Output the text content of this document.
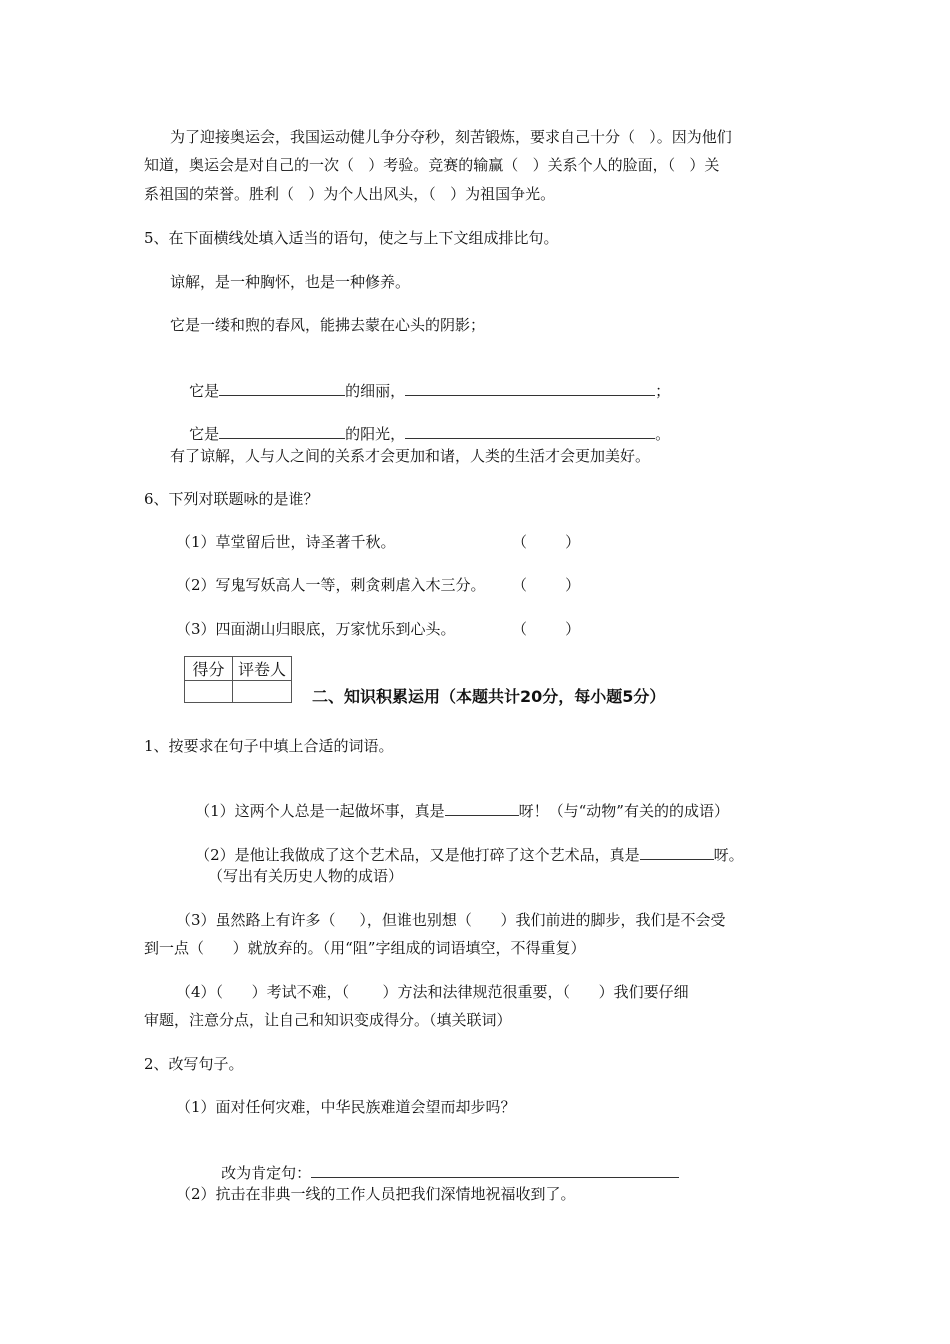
为了迎接奥运会，我国运动健儿争分夺秒，刻苦锻炼，要求自己十分（   ）。因为他们
知道，奥运会是对自己的一次（   ）考验。竞赛的输赢（   ）关系个人的脸面，（   ）关
系祖国的荣誉。胜利（   ）为个人出风头，（   ）为祖国争光。
5、在下面横线处填入适当的语句，使之与上下文组成排比句。
谅解，是一种胸怀，也是一种修养。
它是一缕和煦的春风，能拂去蒙在心头的阴影；

它是	的细丽，	；

它是	的阳光，	。

有了谅解，人与人之间的关系才会更加和诸，人类的生活才会更加美好。
6、下列对联题咏的是谁？
（1）草堂留后世，诗圣著千秋。	（        ）
（2）写鬼写妖高人一等，刺贪刺虐入木三分。 （        ）
（3）四面湖山归眼底，万家忧乐到心头。	（        ）
得分	评卷人

二、知识积累运用（本题共计20分，每小题5分）
1、按要求在句子中填上合适的词语。

（1）这两个人总是一起做坏事，真是	呀！（与“动物”有关的的成语）

（2）是他让我做成了这个艺术品，又是他打碎了这个艺术品，真是	呀。

（写出有关历史人物的成语）
（3）虽然路上有许多（     ），但谁也别想（      ）我们前进的脚步，我们是不会受
到一点（      ）就放弃的。（用“阻”字组成的词语填空，不得重复）
（4）（      ）考试不难，（       ）方法和法律规范很重要，（      ）我们要仔细
审题，注意分点，让自己和知识变成得分。（填关联词）
2、改写句子。
（1）面对任何灾难，中华民族难道会望而却步吗？

改为肯定句：

（2）抗击在非典一线的工作人员把我们深情地祝福收到了。
